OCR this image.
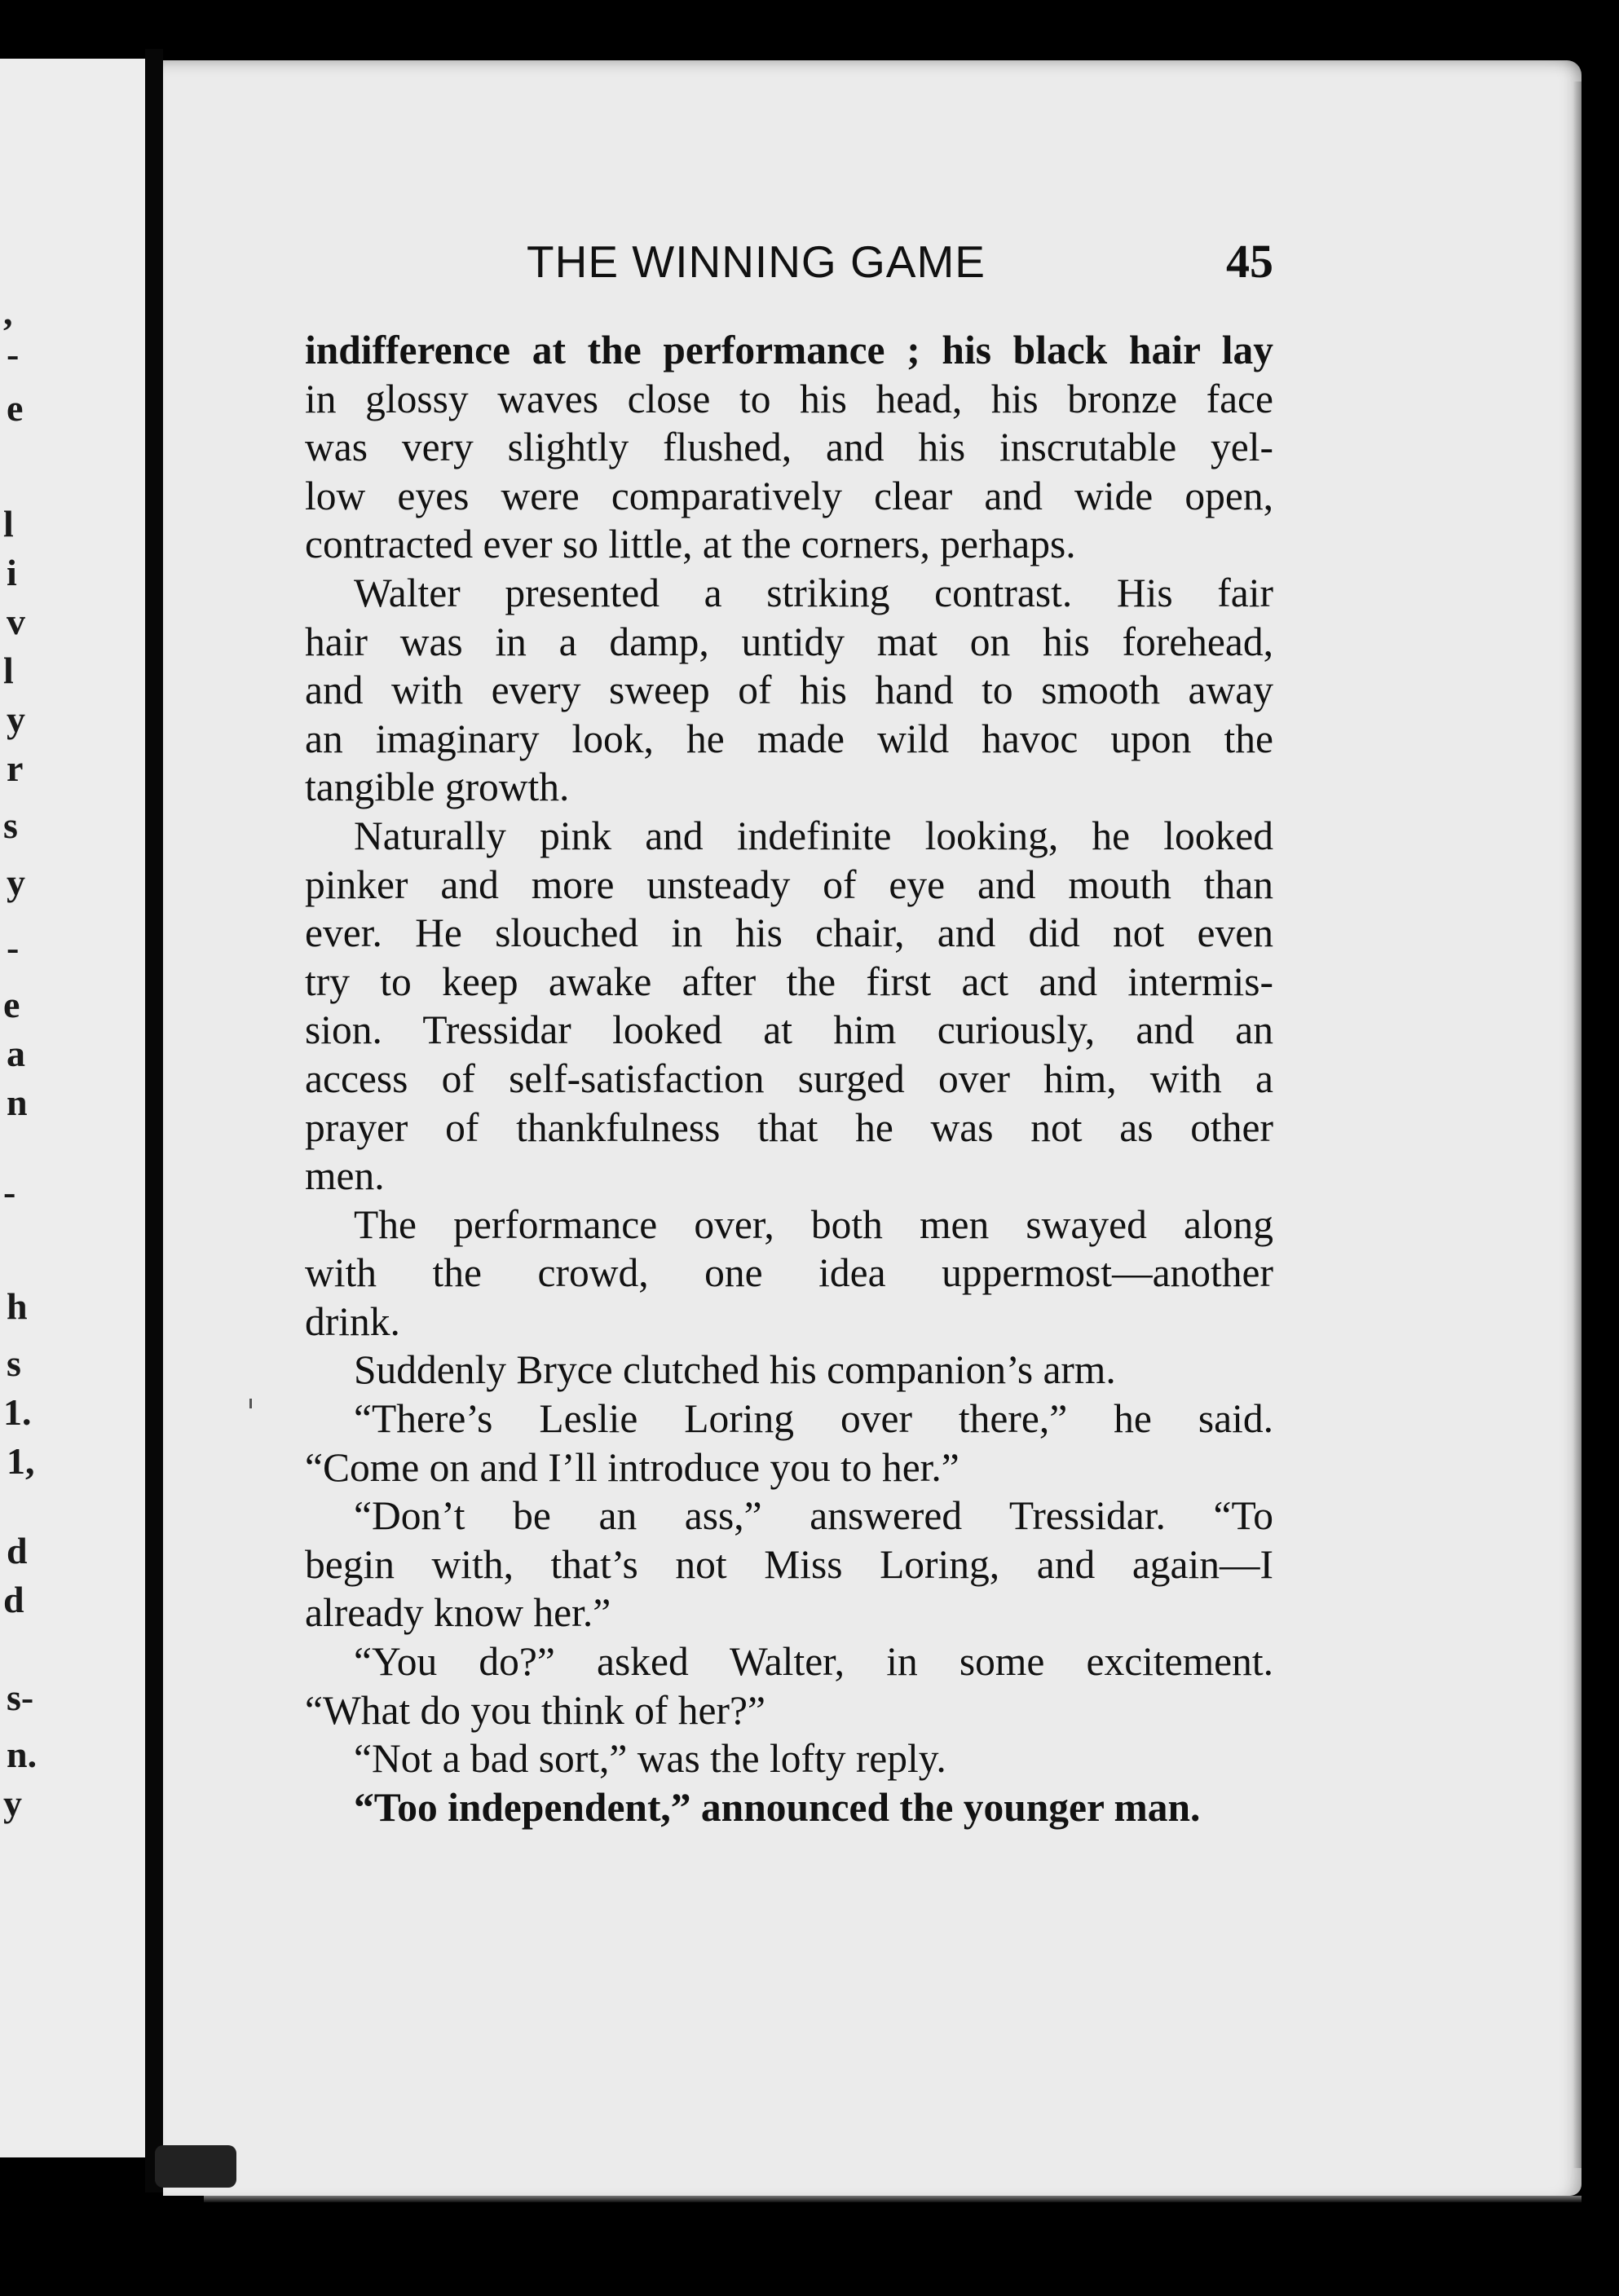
,
-
e
l
i
v
l
y
r
s
y
-
e
a
n
-
h
s
1.
1,
d
d
s-
n.
y
THE WINNING GAME	45
indifference at the performance ; his black hair lay
in glossy waves close to his head, his bronze face
was very slightly flushed, and his inscrutable yel-
low eyes were comparatively clear and wide open,
contracted ever so little, at the corners, perhaps.
Walter presented a striking contrast. His fair
hair was in a damp, untidy mat on his forehead,
and with every sweep of his hand to smooth away
an imaginary look, he made wild havoc upon the
tangible growth.
Naturally pink and indefinite looking, he looked
pinker and more unsteady of eye and mouth than
ever. He slouched in his chair, and did not even
try to keep awake after the first act and intermis-
sion. Tressidar looked at him curiously, and an
access of self-satisfaction surged over him, with a
prayer of thankfulness that he was not as other
men.
The performance over, both men swayed along
with the crowd, one idea uppermost—another
drink.
Suddenly Bryce clutched his companion’s arm.
“There’s Leslie Loring over there,” he said.
“Come on and I’ll introduce you to her.”
“Don’t be an ass,” answered Tressidar. “To
begin with, that’s not Miss Loring, and again—I
already know her.”
“You do?” asked Walter, in some excitement.
“What do you think of her?”
“Not a bad sort,” was the lofty reply.
“Too independent,” announced the younger man.
